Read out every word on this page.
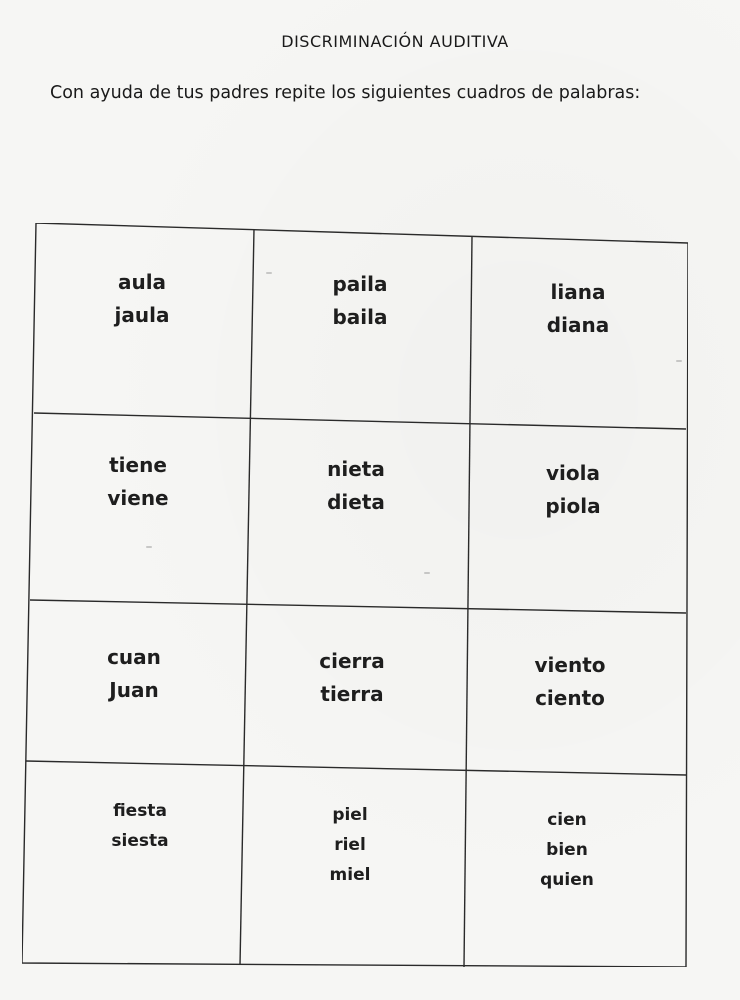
DISCRIMINACIÓN AUDITIVA
Con ayuda de tus padres repite los siguientes cuadros de palabras:
aula
jaula
paila
baila
liana
diana
tiene
viene
nieta
dieta
viola
piola
cuan
Juan
cierra
tierra
viento
ciento
fiesta
siesta
piel
riel
miel
cien
bien
quien
